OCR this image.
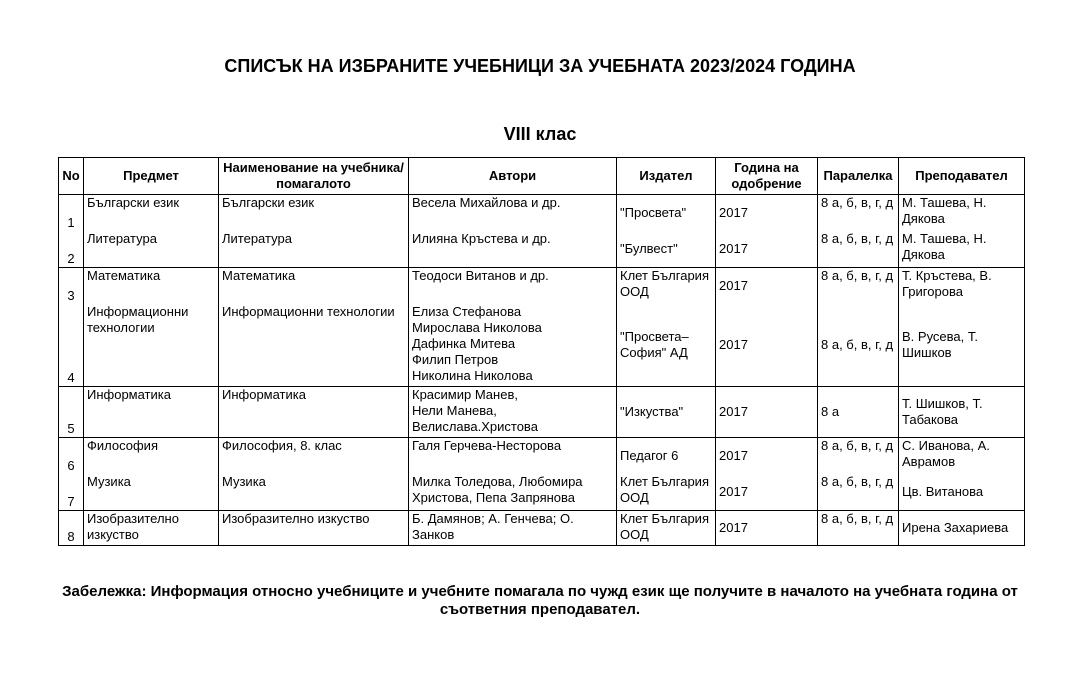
СПИСЪК НА ИЗБРАНИТЕ УЧЕБНИЦИ ЗА УЧЕБНАТА 2023/2024 ГОДИНА
VIII клас
No	Предмет	Наименование на учебника/помагалото	Автори	Издател	Година на одобрение	Паралелка	Преподавател
1	Български език	Български език	Весела Михайлова и др.	"Просвета"	2017	8 а, б, в, г, д	М. Ташева, Н. Дякова
2	Литература	Литература	Илияна Кръстева и др.	"Булвест"	2017	8 а, б, в, г, д	М. Ташева, Н. Дякова
3	Математика	Математика	Теодоси Витанов и др.	Клет България ООД	2017	8 а, б, в, г, д	Т. Кръстева, В. Григорова
4	Информационни технологии	Информационни технологии	Елиза Стефанова
Мирослава Николова
Дафинка Митева
Филип Петров
Николина Николова	"Просвета–София" АД	2017	8 а, б, в, г, д	В. Русева, Т. Шишков
5	Информатика	Информатика	Красимир Манев,
Нели Манева,
Велислава.Христова	"Изкуства"	2017	8 а	Т. Шишков, Т. Табакова
6	Философия	Философия, 8. клас	Галя Герчева-Несторова	Педагог 6	2017	8 а, б, в, г, д	С. Иванова, А. Аврамов
7	Музика	Музика	Милка Толедова, Любомира Христова, Пепа Запрянова	Клет България ООД	2017	8 а, б, в, г, д	Цв. Витанова
8	Изобразително изкуство	Изобразително изкуство	Б. Дамянов; А. Генчева; О. Занков	Клет България ООД	2017	8 а, б, в, г, д	Ирена Захариева
Забележка: Информация относно учебниците и учебните помагала по чужд език ще получите в началото на учебната година от съответния преподавател.
